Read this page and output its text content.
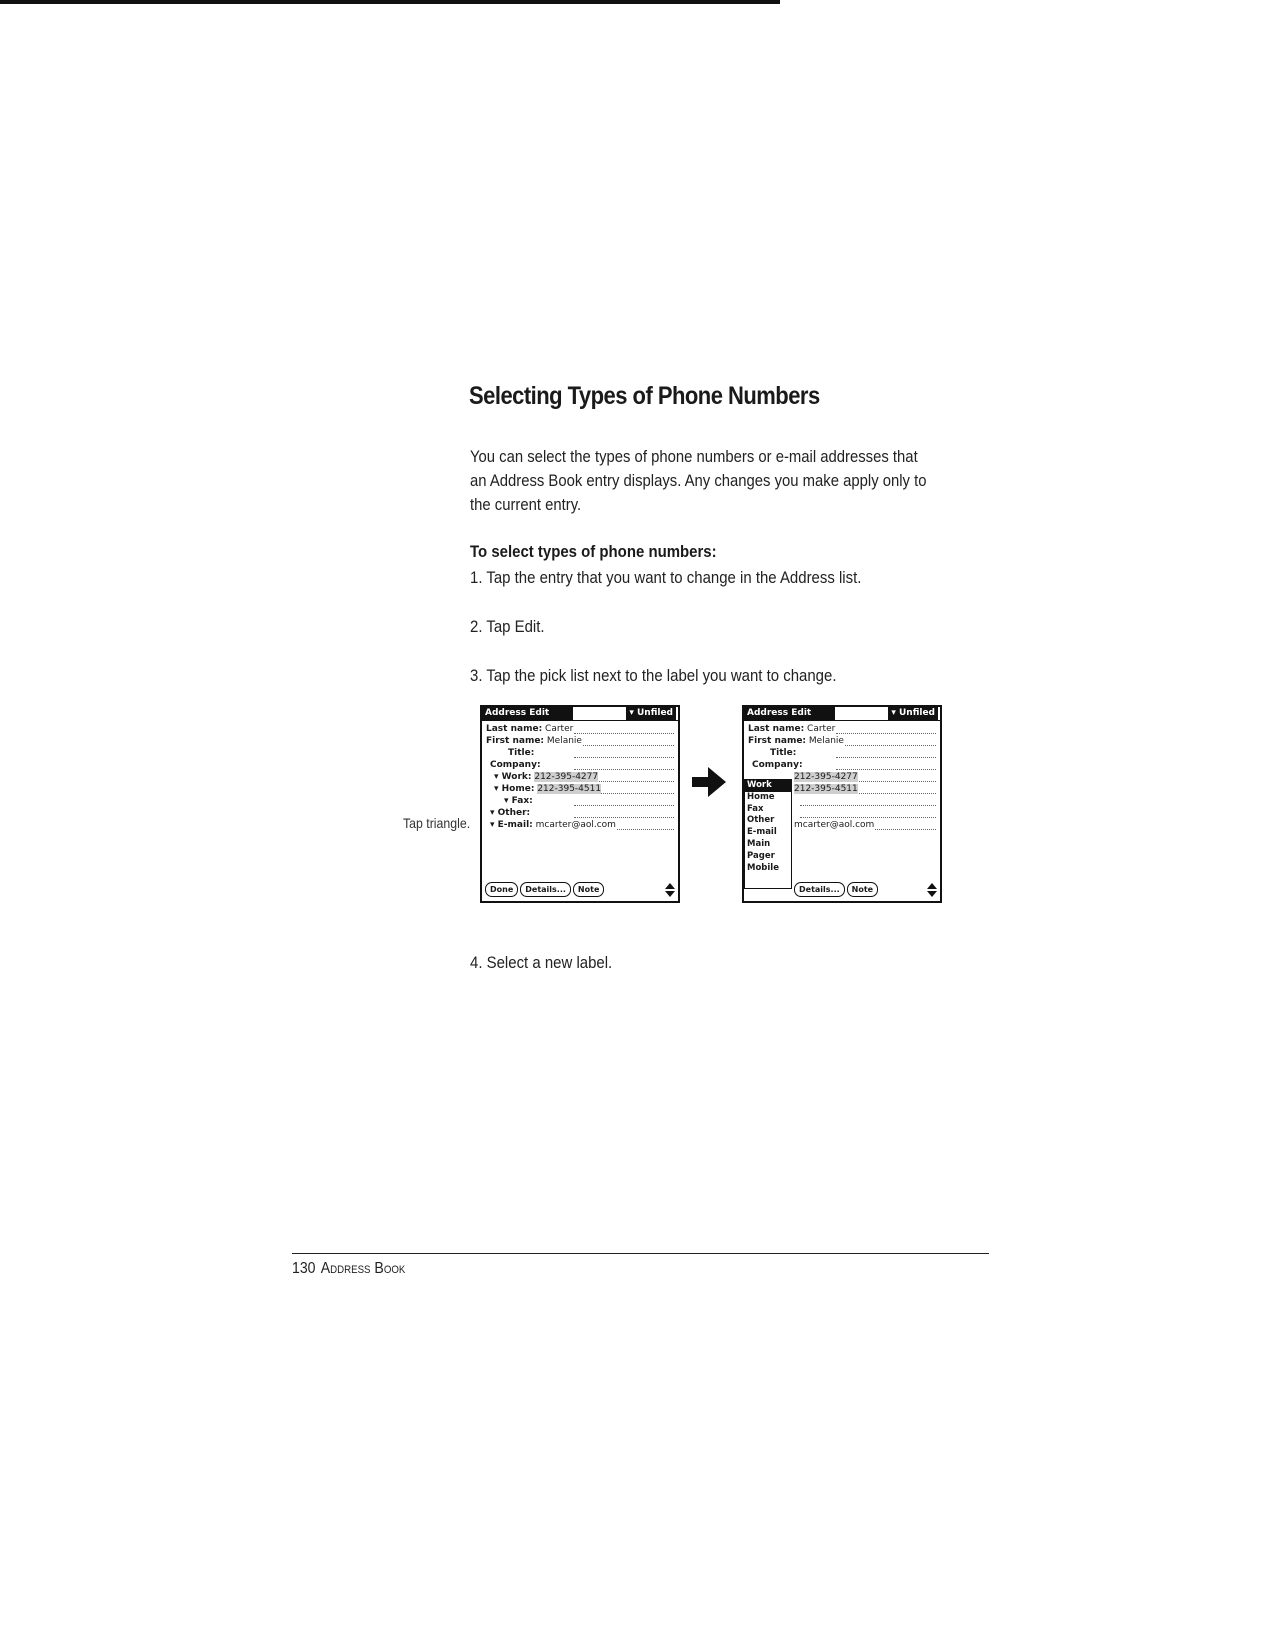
Selecting Types of Phone Numbers

You can select the types of phone numbers or e-mail addresses that an Address Book entry displays. Any changes you make apply only to the current entry.

To select types of phone numbers:

1. Tap the entry that you want to change in the Address list.

2. Tap Edit.

3. Tap the pick list next to the label you want to change.

Tap triangle.
Address Edit	▾ Unfiled
Last name: Carter
First name: Melanie
Title:
Company:
▾ Work: 212-395-4277
▾ Home: 212-395-4511
▾ Fax:
▾ Other:
▾ E-mail: mcarter@aol.com
Done Details... Note
Address Edit	▾ Unfiled
Last name: Carter
First name: Melanie
Title:
Company:
212-395-4277
212-395-4511
mcarter@aol.com
Work
Home
Fax
Other
E-mail
Main
Pager
Mobile
Details... Note

4. Select a new label.

130 Address Book
